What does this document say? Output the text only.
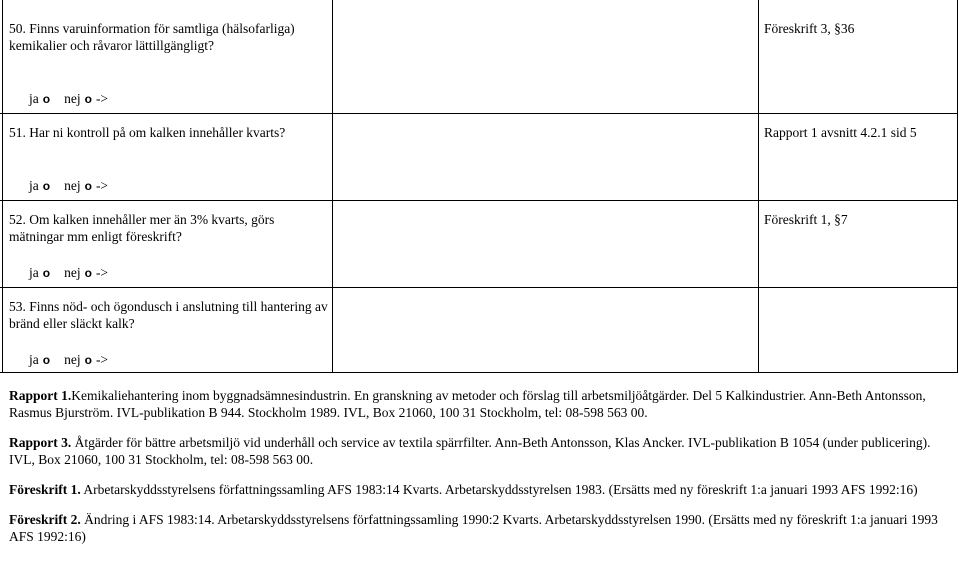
50. Finns varuinformation för samtliga (hälsofarliga) kemikalier och råvaror lättillgängligt?
Föreskrift 3, §36
ja o nej o ->
51. Har ni kontroll på om kalken innehåller kvarts?	Rapport 1 avsnitt 4.2.1 sid 5
ja o nej o ->
52. Om kalken innehåller mer än 3% kvarts, görs mätningar mm enligt föreskrift?
Föreskrift 1, §7
ja o nej o ->
53. Finns nöd- och ögondusch i anslutning till hantering av bränd eller släckt kalk?
ja o nej o ->

Rapport 1.Kemikaliehantering inom byggnadsämnesindustrin. En granskning av metoder och förslag till arbetsmiljöåtgärder. Del 5 Kalkindustrier. Ann-Beth Antonsson, Rasmus Bjurström. IVL-publikation B 944. Stockholm 1989. IVL, Box 21060, 100 31 Stockholm, tel: 08-598 563 00.

Rapport 3. Åtgärder för bättre arbetsmiljö vid underhåll och service av textila spärrfilter. Ann-Beth Antonsson, Klas Ancker. IVL-publikation B 1054 (under publicering). IVL, Box 21060, 100 31 Stockholm, tel: 08-598 563 00.

Föreskrift 1. Arbetarskyddsstyrelsens författningssamling AFS 1983:14 Kvarts. Arbetarskyddsstyrelsen 1983. (Ersätts med ny föreskrift 1:a januari 1993 AFS 1992:16)

Föreskrift 2. Ändring i AFS 1983:14. Arbetarskyddsstyrelsens författningssamling 1990:2 Kvarts. Arbetarskyddsstyrelsen 1990. (Ersätts med ny föreskrift 1:a januari 1993 AFS 1992:16)
